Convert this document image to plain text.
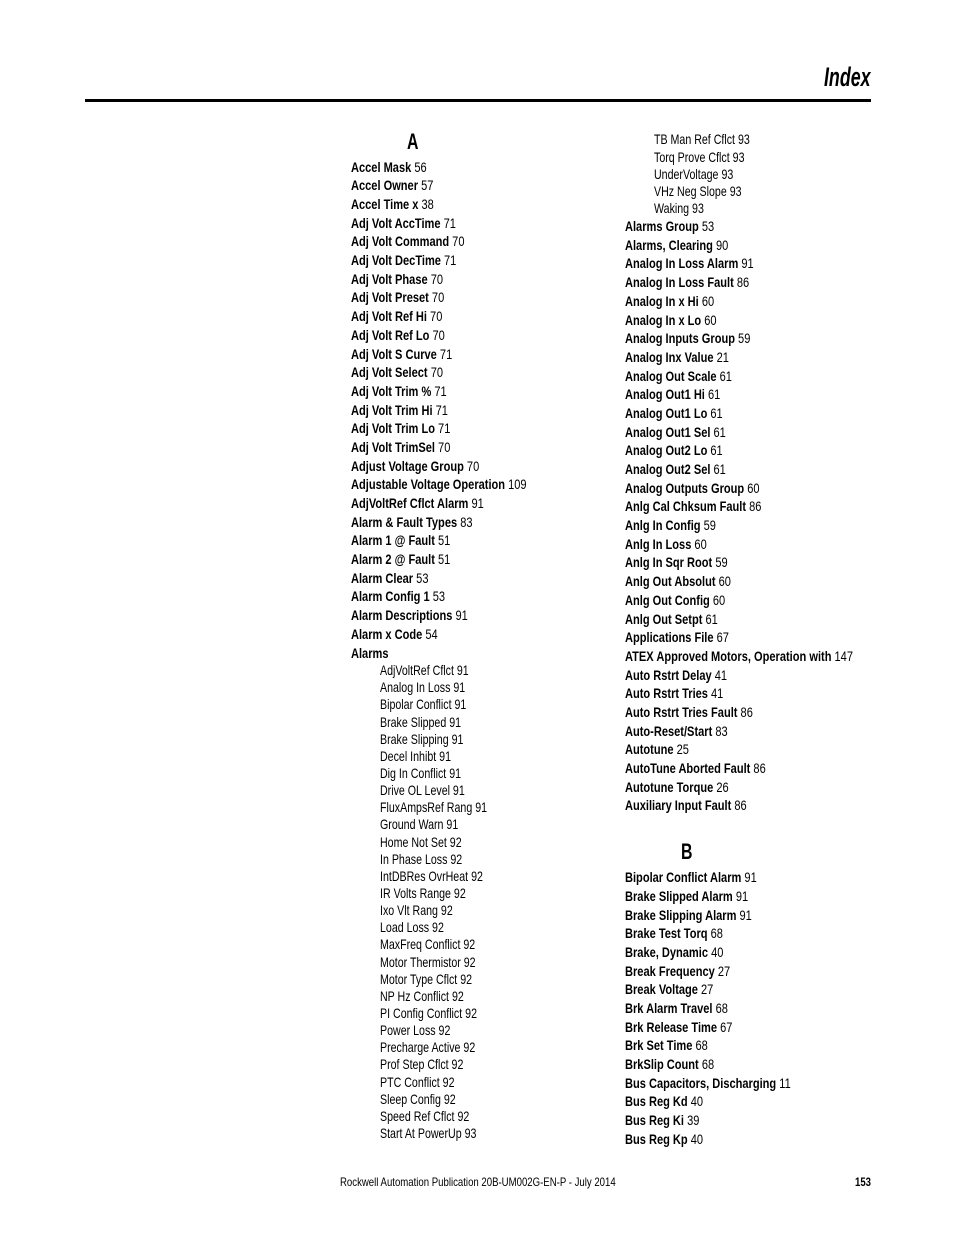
Index
A
Accel Mask 56
Accel Owner 57
Accel Time x 38
Adj Volt AccTime 71
Adj Volt Command 70
Adj Volt DecTime 71
Adj Volt Phase 70
Adj Volt Preset 70
Adj Volt Ref Hi 70
Adj Volt Ref Lo 70
Adj Volt S Curve 71
Adj Volt Select 70
Adj Volt Trim % 71
Adj Volt Trim Hi 71
Adj Volt Trim Lo 71
Adj Volt TrimSel 70
Adjust Voltage Group 70
Adjustable Voltage Operation 109
AdjVoltRef Cflct Alarm 91
Alarm & Fault Types 83
Alarm 1 @ Fault 51
Alarm 2 @ Fault 51
Alarm Clear 53
Alarm Config 1 53
Alarm Descriptions 91
Alarm x Code 54
Alarms
AdjVoltRef Cflct 91
Analog In Loss 91
Bipolar Conflict 91
Brake Slipped 91
Brake Slipping 91
Decel Inhibt 91
Dig In Conflict 91
Drive OL Level 91
FluxAmpsRef Rang 91
Ground Warn 91
Home Not Set 92
In Phase Loss 92
IntDBRes OvrHeat 92
IR Volts Range 92
Ixo Vlt Rang 92
Load Loss 92
MaxFreq Conflict 92
Motor Thermistor 92
Motor Type Cflct 92
NP Hz Conflict 92
PI Config Conflict 92
Power Loss 92
Precharge Active 92
Prof Step Cflct 92
PTC Conflict 92
Sleep Config 92
Speed Ref Cflct 92
Start At PowerUp 93
TB Man Ref Cflct 93
Torq Prove Cflct 93
UnderVoltage 93
VHz Neg Slope 93
Waking 93
Alarms Group 53
Alarms, Clearing 90
Analog In Loss Alarm 91
Analog In Loss Fault 86
Analog In x Hi 60
Analog In x Lo 60
Analog Inputs Group 59
Analog Inx Value 21
Analog Out Scale 61
Analog Out1 Hi 61
Analog Out1 Lo 61
Analog Out1 Sel 61
Analog Out2 Lo 61
Analog Out2 Sel 61
Analog Outputs Group 60
Anlg Cal Chksum Fault 86
Anlg In Config 59
Anlg In Loss 60
Anlg In Sqr Root 59
Anlg Out Absolut 60
Anlg Out Config 60
Anlg Out Setpt 61
Applications File 67
ATEX Approved Motors, Operation with 147
Auto Rstrt Delay 41
Auto Rstrt Tries 41
Auto Rstrt Tries Fault 86
Auto-Reset/Start 83
Autotune 25
AutoTune Aborted Fault 86
Autotune Torque 26
Auxiliary Input Fault 86
B
Bipolar Conflict Alarm 91
Brake Slipped Alarm 91
Brake Slipping Alarm 91
Brake Test Torq 68
Brake, Dynamic 40
Break Frequency 27
Break Voltage 27
Brk Alarm Travel 68
Brk Release Time 67
Brk Set Time 68
BrkSlip Count 68
Bus Capacitors, Discharging 11
Bus Reg Kd 40
Bus Reg Ki 39
Bus Reg Kp 40
Rockwell Automation Publication 20B-UM002G-EN-P - July 2014	153
